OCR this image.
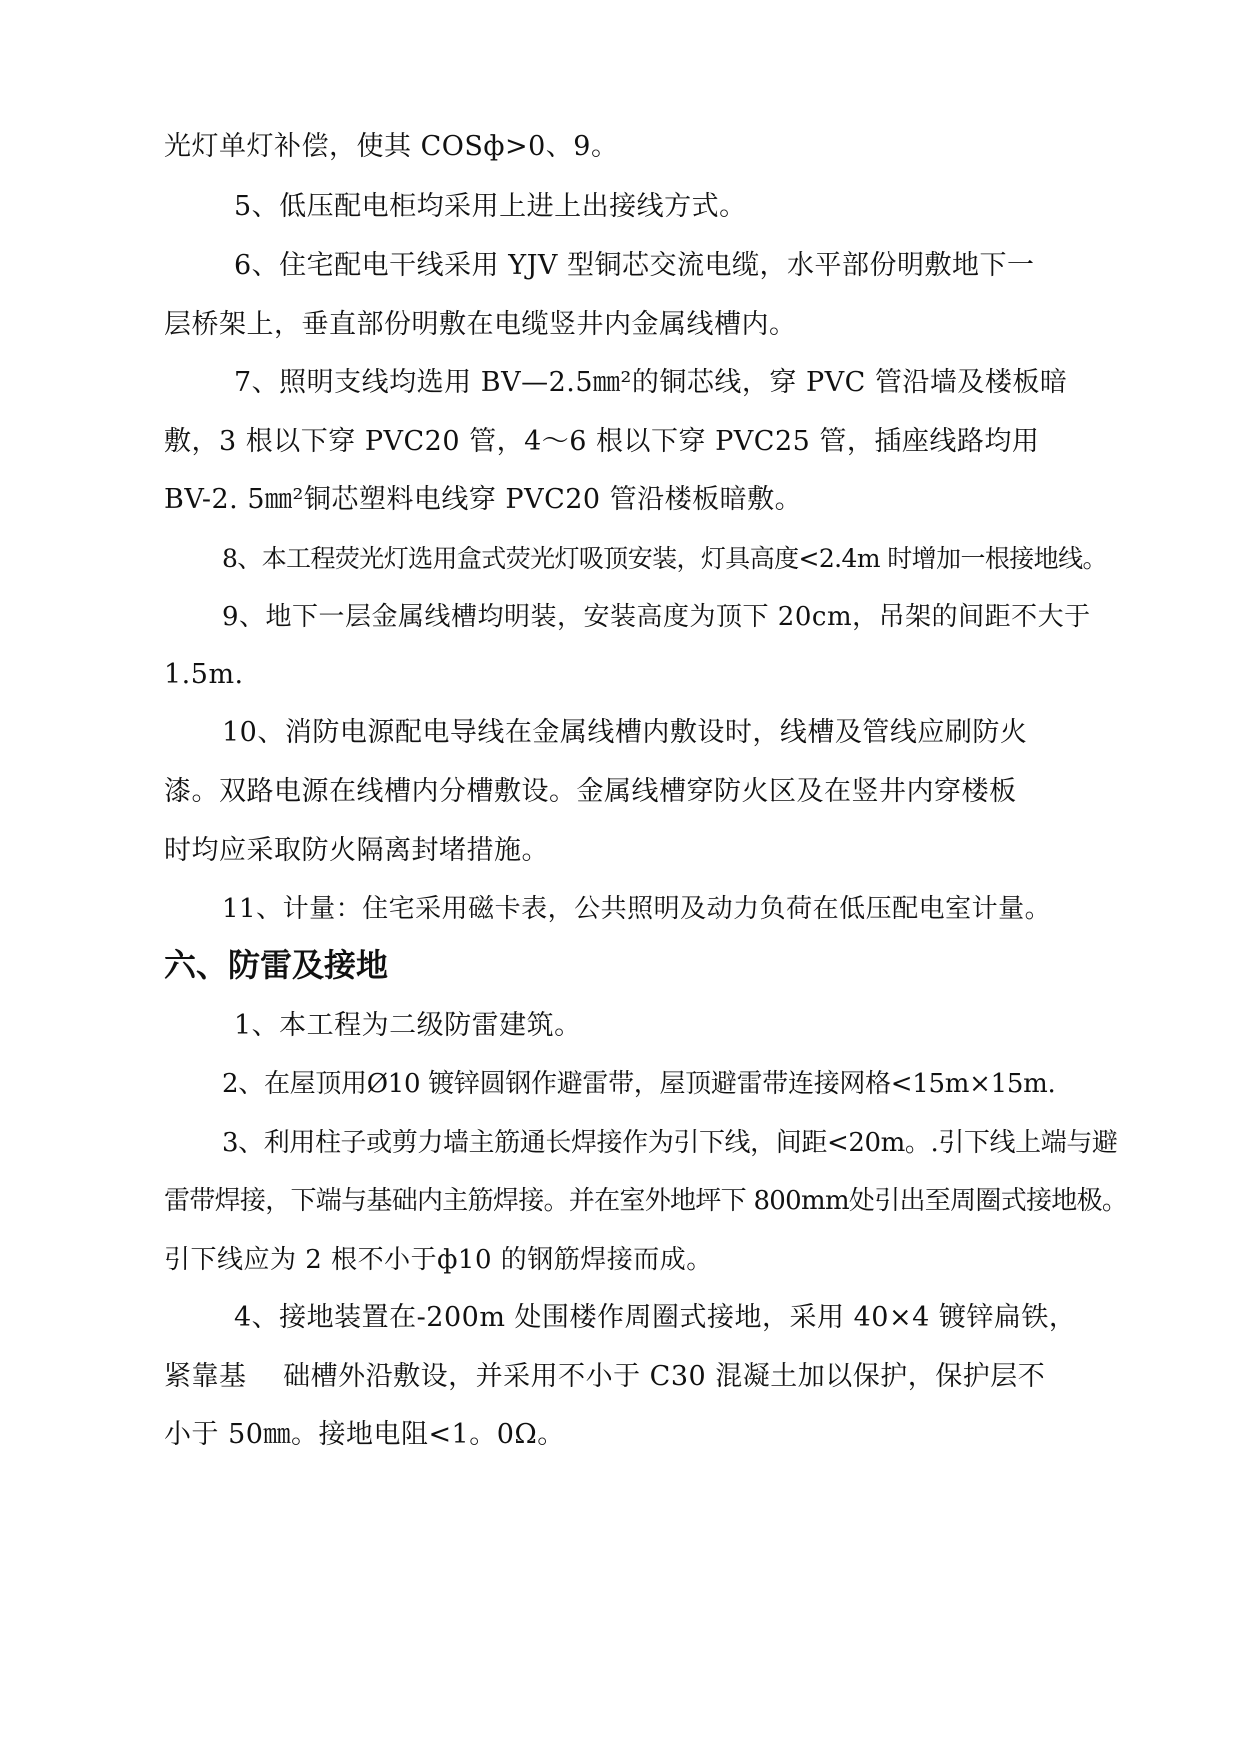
光灯单灯补偿，使其 COSф>0、9。
5、低压配电柜均采用上进上出接线方式。
6、住宅配电干线采用 YJV 型铜芯交流电缆，水平部份明敷地下一
层桥架上，垂直部份明敷在电缆竖井内金属线槽内。
7、照明支线均选用 BV—2.5㎜²的铜芯线，穿 PVC 管沿墙及楼板暗
敷，3 根以下穿 PVC20 管，4～6 根以下穿 PVC25 管，插座线路均用
BV-2. 5㎜²铜芯塑料电线穿 PVC20 管沿楼板暗敷。
8、本工程荧光灯选用盒式荧光灯吸顶安装，灯具高度<2.4m 时增加一根接地线。
9、地下一层金属线槽均明装，安装高度为顶下 20cm，吊架的间距不大于
1.5m.
10、消防电源配电导线在金属线槽内敷设时，线槽及管线应刷防火
漆。双路电源在线槽内分槽敷设。金属线槽穿防火区及在竖井内穿楼板
时均应采取防火隔离封堵措施。
11、计量：住宅采用磁卡表，公共照明及动力负荷在低压配电室计量。
六、防雷及接地
1、本工程为二级防雷建筑。
2、在屋顶用Ø10 镀锌圆钢作避雷带，屋顶避雷带连接网格<15m×15m.
3、利用柱子或剪力墙主筋通长焊接作为引下线，间距<20m。.引下线上端与避
雷带焊接，下端与基础内主筋焊接。并在室外地坪下 800mm处引出至周圈式接地极。
引下线应为 2 根不小于ф10 的钢筋焊接而成。
4、接地装置在-200m 处围楼作周圈式接地，采用 40×4 镀锌扁铁，
紧靠基　 础槽外沿敷设，并采用不小于 C30 混凝土加以保护，保护层不
小于 50㎜。接地电阻<1。0Ω。
